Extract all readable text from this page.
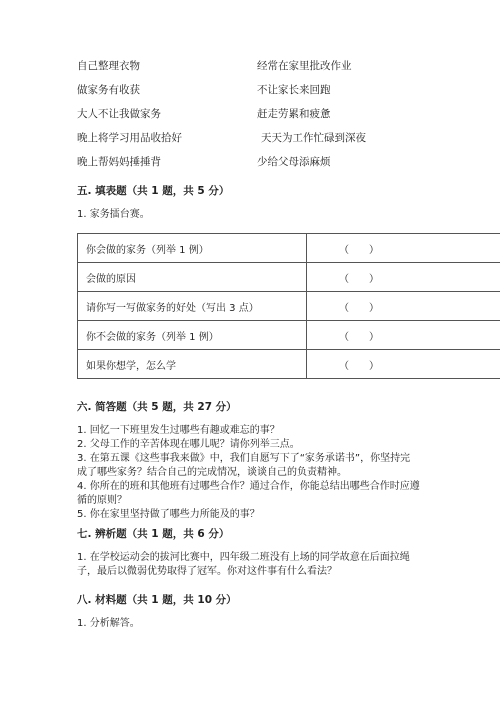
自己整理衣物	经常在家里批改作业
做家务有收获	不让家长来回跑
大人不让我做家务	赶走劳累和疲惫
晚上将学习用品收拾好	天天为工作忙碌到深夜
晚上帮妈妈捶捶背	少给父母添麻烦
五. 填表题（共 1 题，共 5 分）
1. 家务擂台赛。
你会做的家务（列举 1 例）	（　　）
会做的原因	（　　）
请你写一写做家务的好处（写出 3 点）	（　　）
你不会做的家务（列举 1 例）	（　　）
如果你想学，怎么学	（　　）
六. 简答题（共 5 题，共 27 分）
1. 回忆一下班里发生过哪些有趣或难忘的事？
2. 父母工作的辛苦体现在哪儿呢？请你列举三点。
3. 在第五课《这些事我来做》中，我们自愿写下了“家务承诺书”，你坚持完
成了哪些家务？结合自己的完成情况，谈谈自己的负责精神。
4. 你所在的班和其他班有过哪些合作？通过合作，你能总结出哪些合作时应遵
循的原则？
5. 你在家里坚持做了哪些力所能及的事？
七. 辨析题（共 1 题，共 6 分）
1. 在学校运动会的拔河比赛中，四年级二班没有上场的同学故意在后面拉绳
子，最后以微弱优势取得了冠军。你对这件事有什么看法？
八. 材料题（共 1 题，共 10 分）
1. 分析解答。
